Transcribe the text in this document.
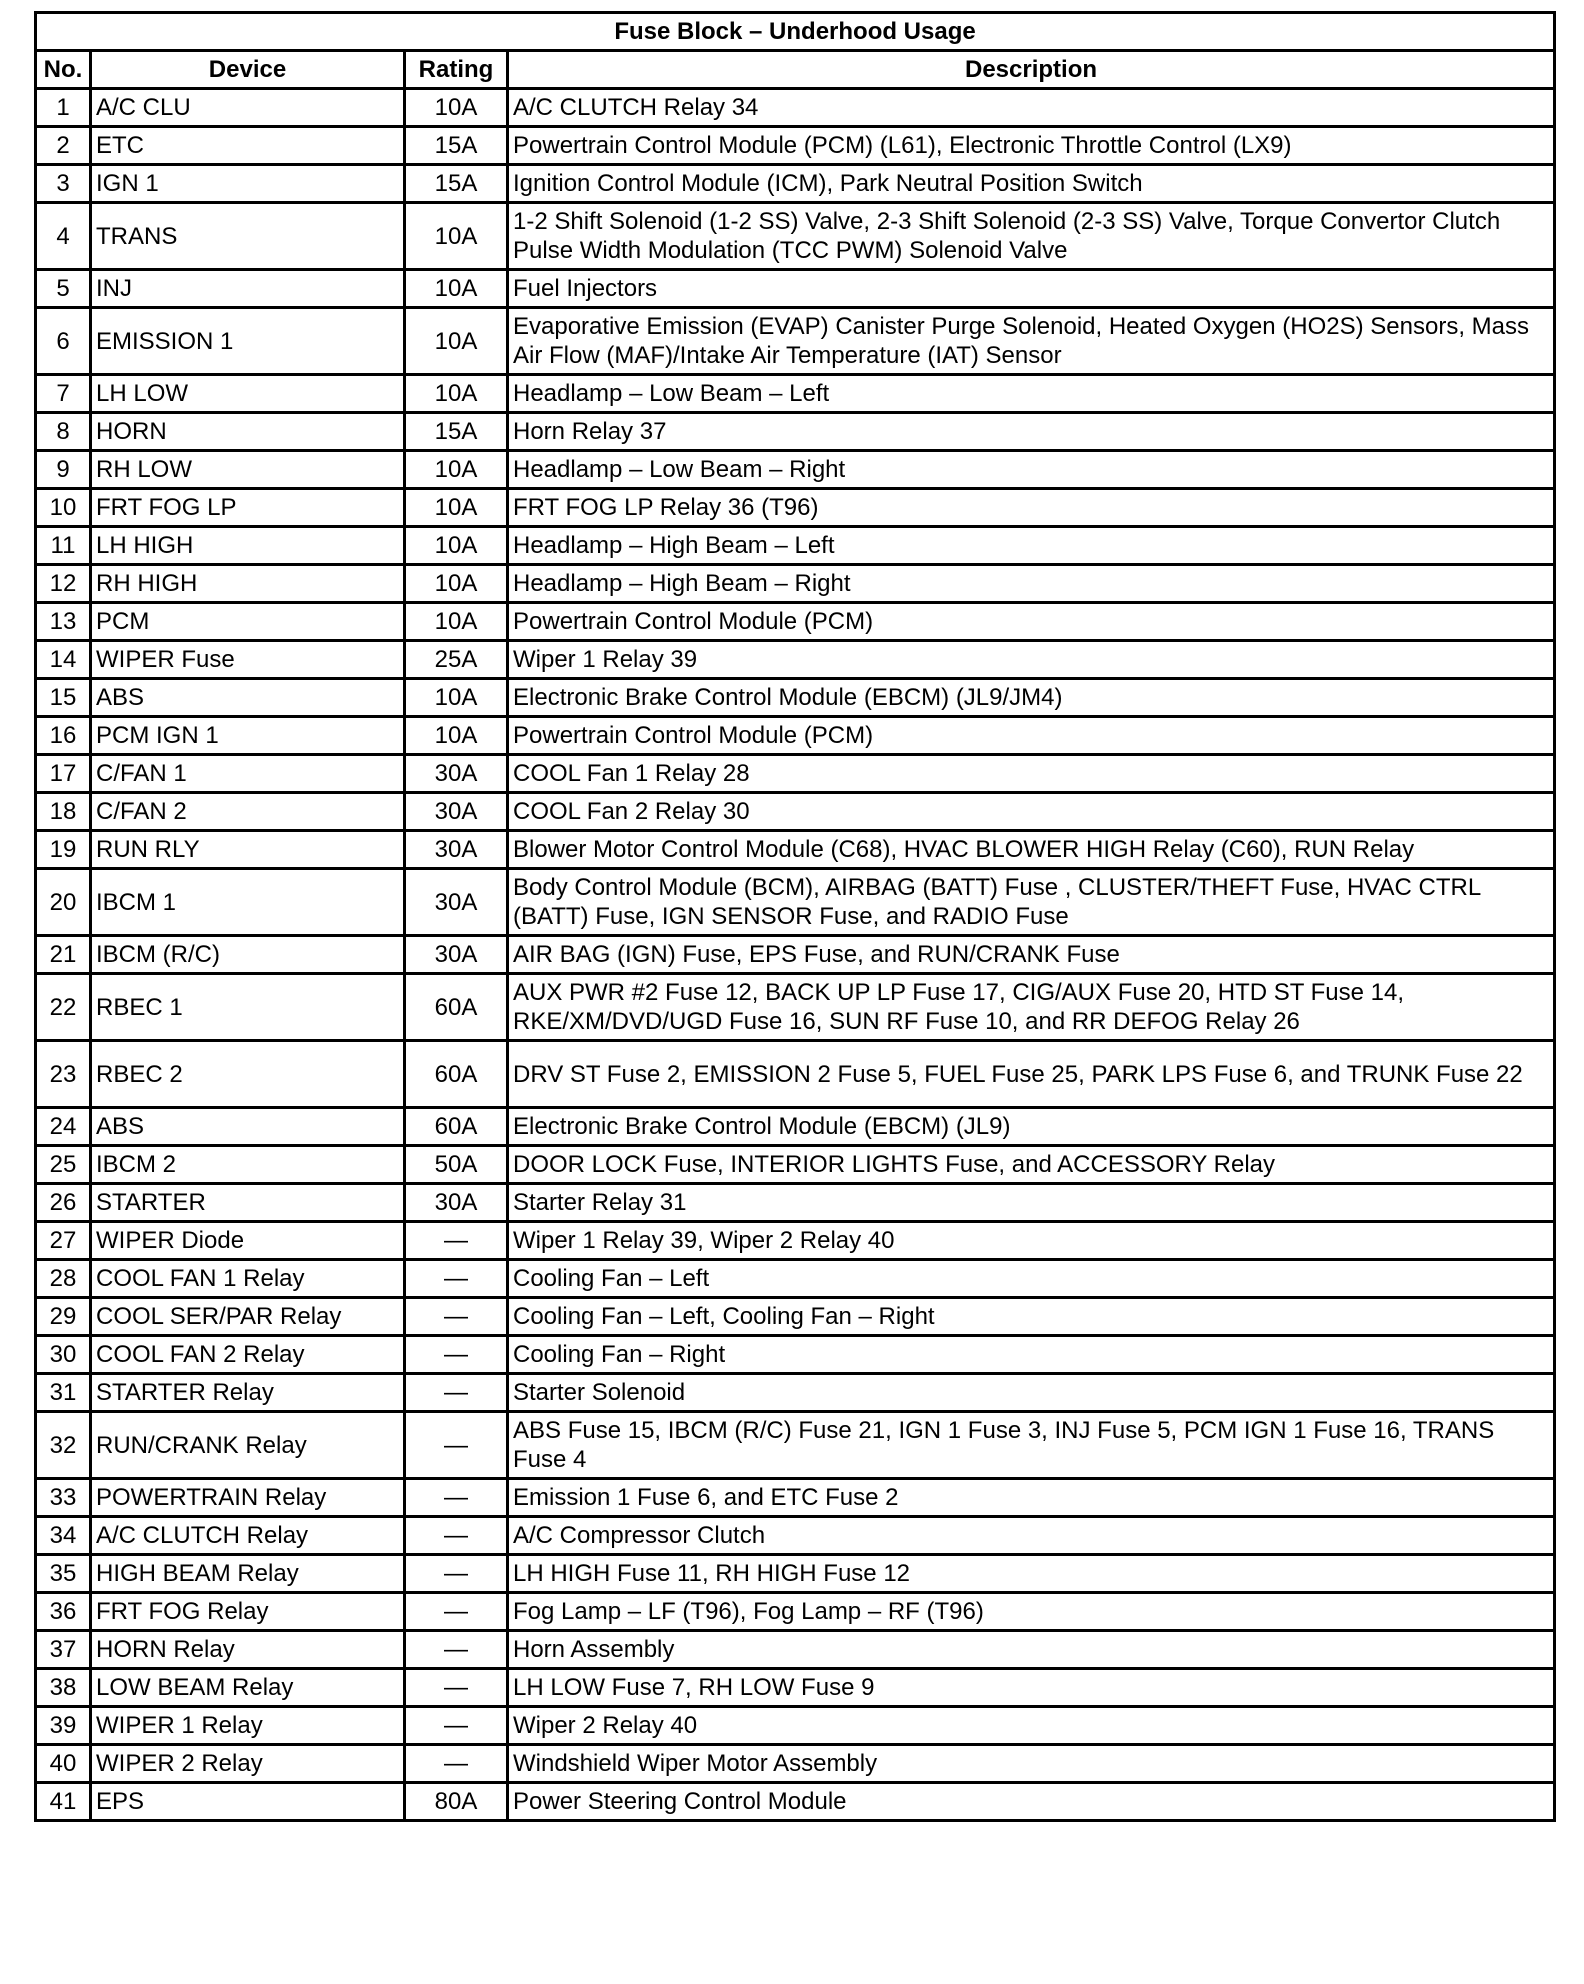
Fuse Block – Underhood Usage			
No.	Device	Rating	Description
1	A/C CLU	10A	A/C CLUTCH Relay 34
2	ETC	15A	Powertrain Control Module (PCM) (L61), Electronic Throttle Control (LX9)
3	IGN 1	15A	Ignition Control Module (ICM), Park Neutral Position Switch
4	TRANS	10A	1-2 Shift Solenoid (1-2 SS) Valve, 2-3 Shift Solenoid (2-3 SS) Valve, Torque Convertor Clutch Pulse Width Modulation (TCC PWM) Solenoid Valve
5	INJ	10A	Fuel Injectors
6	EMISSION 1	10A	Evaporative Emission (EVAP) Canister Purge Solenoid, Heated Oxygen (HO2S) Sensors, Mass Air Flow (MAF)/Intake Air Temperature (IAT) Sensor
7	LH LOW	10A	Headlamp – Low Beam – Left
8	HORN	15A	Horn Relay 37
9	RH LOW	10A	Headlamp – Low Beam – Right
10	FRT FOG LP	10A	FRT FOG LP Relay 36 (T96)
11	LH HIGH	10A	Headlamp – High Beam – Left
12	RH HIGH	10A	Headlamp – High Beam – Right
13	PCM	10A	Powertrain Control Module (PCM)
14	WIPER Fuse	25A	Wiper 1 Relay 39
15	ABS	10A	Electronic Brake Control Module (EBCM) (JL9/JM4)
16	PCM IGN 1	10A	Powertrain Control Module (PCM)
17	C/FAN 1	30A	COOL Fan 1 Relay 28
18	C/FAN 2	30A	COOL Fan 2 Relay 30
19	RUN RLY	30A	Blower Motor Control Module (C68), HVAC BLOWER HIGH Relay (C60), RUN Relay
20	IBCM 1	30A	Body Control Module (BCM), AIRBAG (BATT) Fuse , CLUSTER/THEFT Fuse, HVAC CTRL (BATT) Fuse, IGN SENSOR Fuse, and RADIO Fuse
21	IBCM (R/C)	30A	AIR BAG (IGN) Fuse, EPS Fuse, and RUN/CRANK Fuse
22	RBEC 1	60A	AUX PWR #2 Fuse 12, BACK UP LP Fuse 17, CIG/AUX Fuse 20, HTD ST Fuse 14, RKE/XM/DVD/UGD Fuse 16, SUN RF Fuse 10, and RR DEFOG Relay 26
23	RBEC 2	60A	DRV ST Fuse 2, EMISSION 2 Fuse 5, FUEL Fuse 25, PARK LPS Fuse 6, and TRUNK Fuse 22
24	ABS	60A	Electronic Brake Control Module (EBCM) (JL9)
25	IBCM 2	50A	DOOR LOCK Fuse, INTERIOR LIGHTS Fuse, and ACCESSORY Relay
26	STARTER	30A	Starter Relay 31
27	WIPER Diode	—	Wiper 1 Relay 39, Wiper 2 Relay 40
28	COOL FAN 1 Relay	—	Cooling Fan – Left
29	COOL SER/PAR Relay	—	Cooling Fan – Left, Cooling Fan – Right
30	COOL FAN 2 Relay	—	Cooling Fan – Right
31	STARTER Relay	—	Starter Solenoid
32	RUN/CRANK Relay	—	ABS Fuse 15, IBCM (R/C) Fuse 21, IGN 1 Fuse 3, INJ Fuse 5, PCM IGN 1 Fuse 16, TRANS Fuse 4
33	POWERTRAIN Relay	—	Emission 1 Fuse 6, and ETC Fuse 2
34	A/C CLUTCH Relay	—	A/C Compressor Clutch
35	HIGH BEAM Relay	—	LH HIGH Fuse 11, RH HIGH Fuse 12
36	FRT FOG Relay	—	Fog Lamp – LF (T96), Fog Lamp – RF (T96)
37	HORN Relay	—	Horn Assembly
38	LOW BEAM Relay	—	LH LOW Fuse 7, RH LOW Fuse 9
39	WIPER 1 Relay	—	Wiper 2 Relay 40
40	WIPER 2 Relay	—	Windshield Wiper Motor Assembly
41	EPS	80A	Power Steering Control Module
